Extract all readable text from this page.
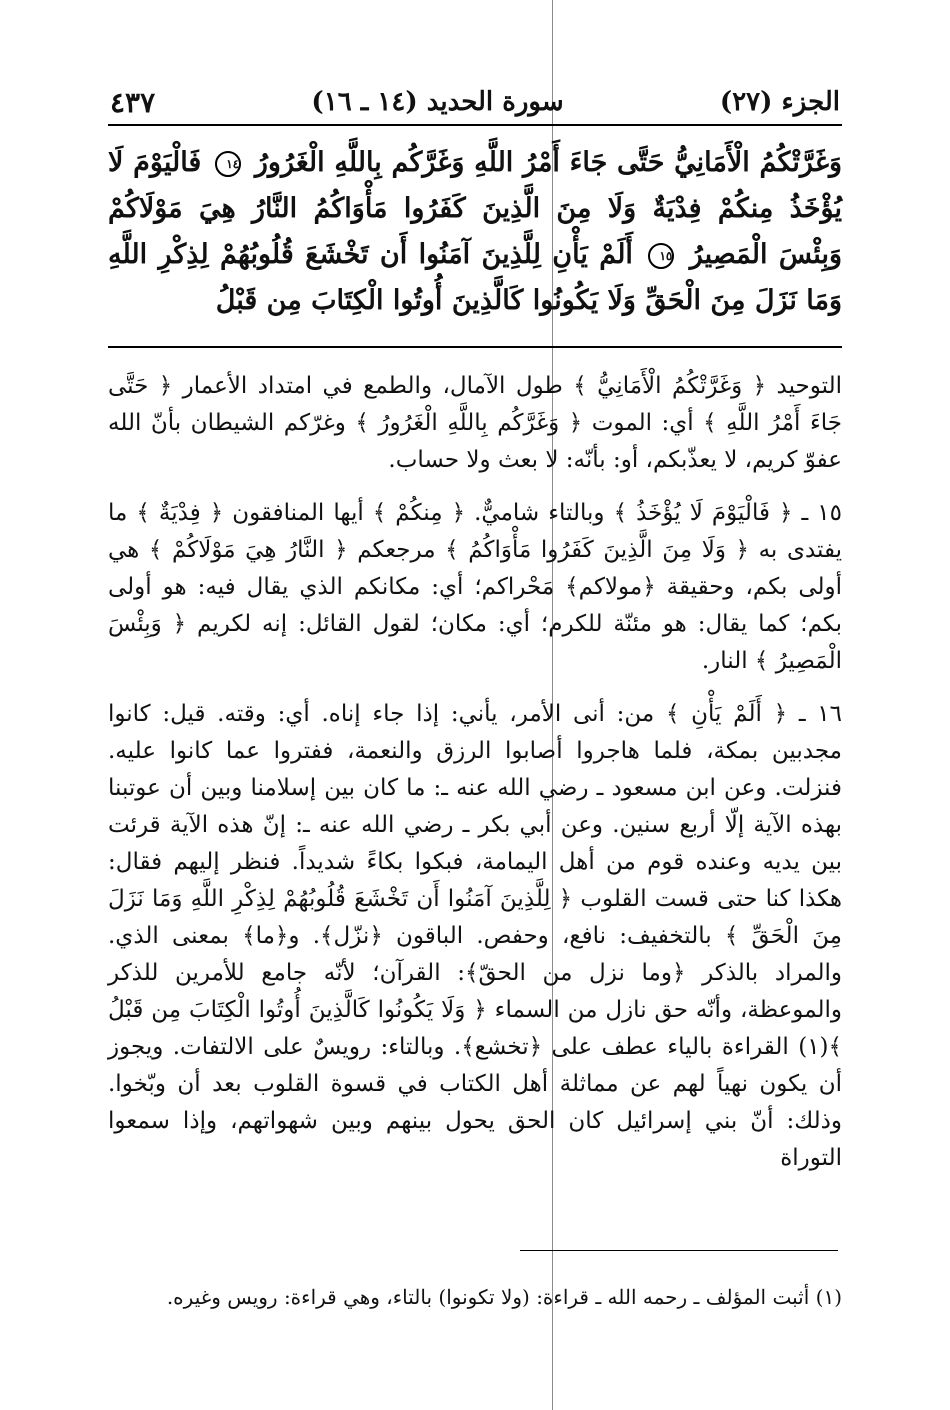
الجزء (٢٧)
سورة الحديد (١٤ ـ ١٦)
٤٣٧
وَغَرَّتْكُمُ الْأَمَانِيُّ حَتَّى جَاءَ أَمْرُ اللَّهِ وَغَرَّكُم بِاللَّهِ الْغَرُورُ ١٤ فَالْيَوْمَ لَا يُؤْخَذُ مِنكُمْ فِدْيَةٌ وَلَا مِنَ الَّذِينَ كَفَرُوا مَأْوَاكُمُ النَّارُ هِيَ مَوْلَاكُمْ وَبِئْسَ الْمَصِيرُ ١٥ أَلَمْ يَأْنِ لِلَّذِينَ آمَنُوا أَن تَخْشَعَ قُلُوبُهُمْ لِذِكْرِ اللَّهِ وَمَا نَزَلَ مِنَ الْحَقِّ وَلَا يَكُونُوا كَالَّذِينَ أُوتُوا الْكِتَابَ مِن قَبْلُ

التوحيد ﴿ وَغَرَّتْكُمُ الْأَمَانِيُّ ﴾ طول الآمال، والطمع في امتداد الأعمار ﴿ حَتَّى جَاءَ أَمْرُ اللَّهِ ﴾ أي: الموت ﴿ وَغَرَّكُم بِاللَّهِ الْغَرُورُ ﴾ وغرّكم الشيطان بأنّ الله عفوّ كريم، لا يعذّبكم، أو: بأنّه: لا بعث ولا حساب.

١٥ ـ ﴿ فَالْيَوْمَ لَا يُؤْخَذُ ﴾ وبالتاء شاميٌّ. ﴿ مِنكُمْ ﴾ أيها المنافقون ﴿ فِدْيَةٌ ﴾ ما يفتدى به ﴿ وَلَا مِنَ الَّذِينَ كَفَرُوا مَأْوَاكُمُ ﴾ مرجعكم ﴿ النَّارُ هِيَ مَوْلَاكُمْ ﴾ هي أولى بكم، وحقيقة ﴿مولاكم﴾ مَحْراكم؛ أي: مكانكم الذي يقال فيه: هو أولى بكم؛ كما يقال: هو مئنّة للكرم؛ أي: مكان؛ لقول القائل: إنه لكريم ﴿ وَبِئْسَ الْمَصِيرُ ﴾ النار.

١٦ ـ ﴿ أَلَمْ يَأْنِ ﴾ من: أنى الأمر، يأني: إذا جاء إناه. أي: وقته. قيل: كانوا مجدبين بمكة، فلما هاجروا أصابوا الرزق والنعمة، ففتروا عما كانوا عليه. فنزلت. وعن ابن مسعود ـ رضي الله عنه ـ: ما كان بين إسلامنا وبين أن عوتبنا بهذه الآية إلّا أربع سنين. وعن أبي بكر ـ رضي الله عنه ـ: إنّ هذه الآية قرئت بين يديه وعنده قوم من أهل اليمامة، فبكوا بكاءً شديداً. فنظر إليهم فقال: هكذا كنا حتى قست القلوب ﴿ لِلَّذِينَ آمَنُوا أَن تَخْشَعَ قُلُوبُهُمْ لِذِكْرِ اللَّهِ وَمَا نَزَلَ مِنَ الْحَقِّ ﴾ بالتخفيف: نافع، وحفص. الباقون ﴿نزّل﴾. و﴿ما﴾ بمعنى الذي. والمراد بالذكر ﴿وما نزل من الحقّ﴾: القرآن؛ لأنّه جامع للأمرين للذكر والموعظة، وأنّه حق نازل من السماء ﴿ وَلَا يَكُونُوا كَالَّذِينَ أُوتُوا الْكِتَابَ مِن قَبْلُ ﴾(١) القراءة بالياء عطف على ﴿تخشع﴾. وبالتاء: رويسٌ على الالتفات. ويجوز أن يكون نهياً لهم عن مماثلة أهل الكتاب في قسوة القلوب بعد أن وبّخوا. وذلك: أنّ بني إسرائيل كان الحق يحول بينهم وبين شهواتهم، وإذا سمعوا التوراة

(١) أثبت المؤلف ـ رحمه الله ـ قراءة: (ولا تكونوا) بالتاء، وهي قراءة: رويس وغيره.
